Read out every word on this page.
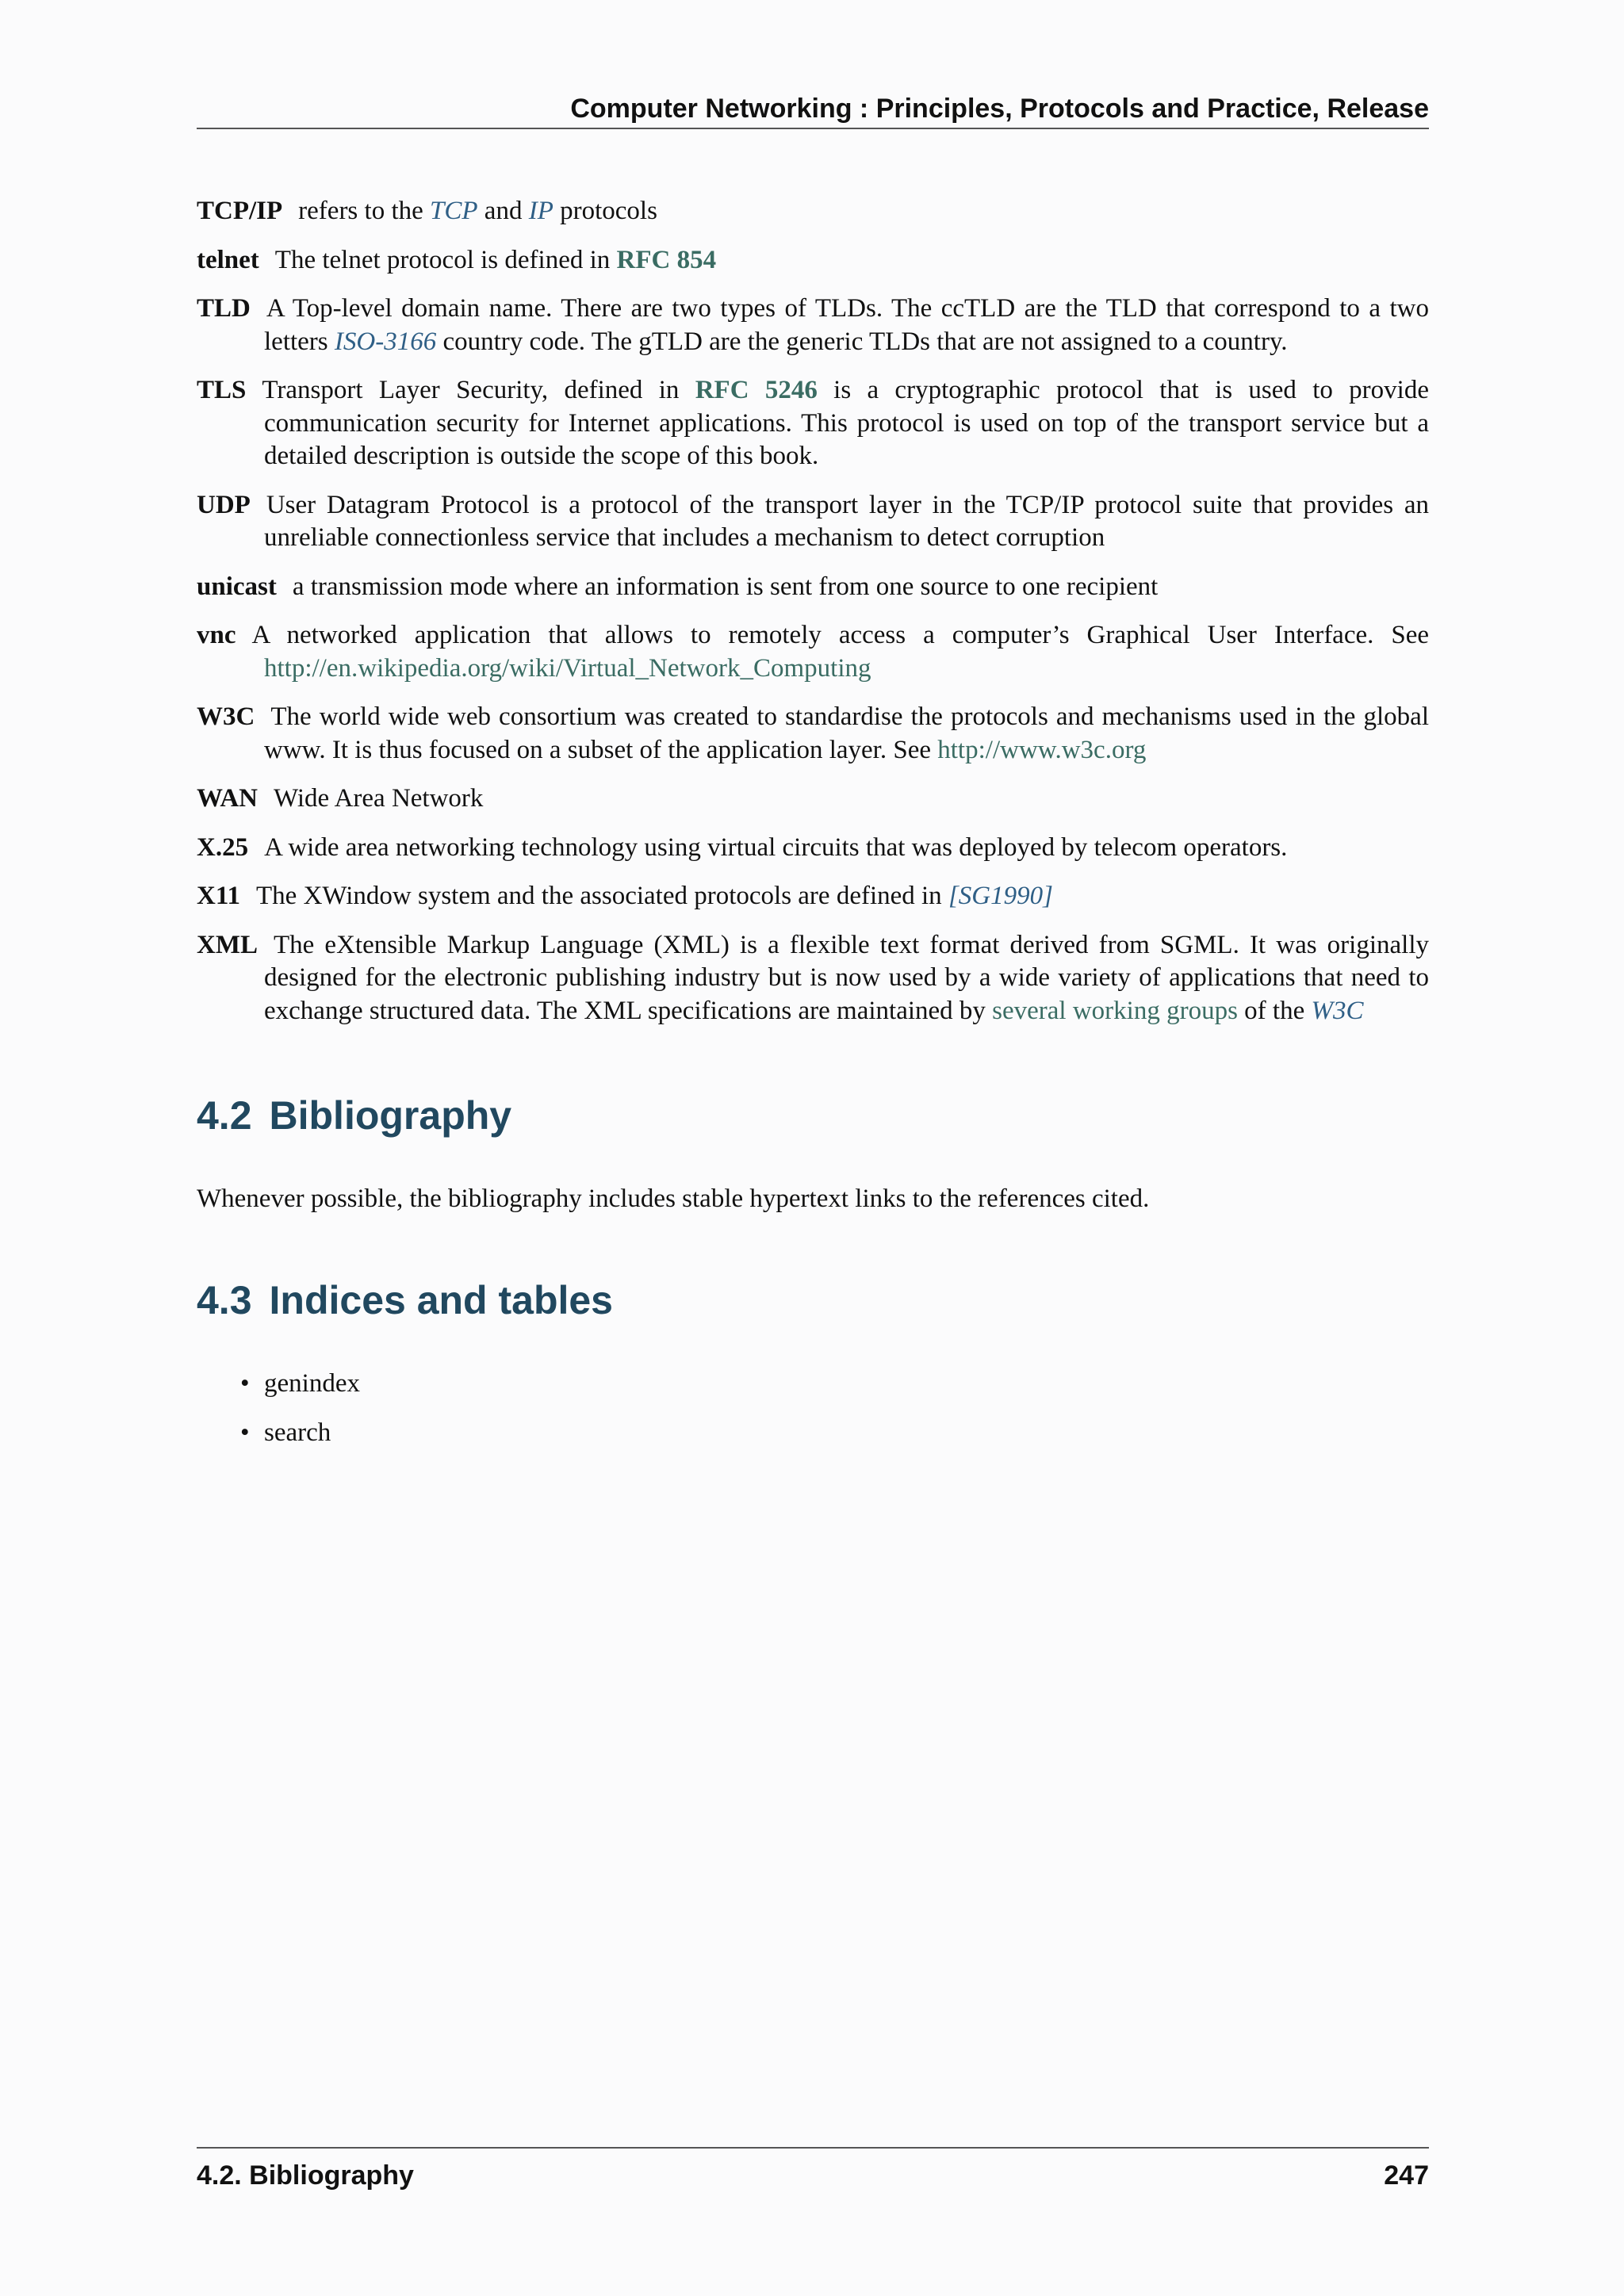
Computer Networking : Principles, Protocols and Practice, Release
TCP/IP refers to the TCP and IP protocols
telnet The telnet protocol is defined in RFC 854
TLD A Top-level domain name. There are two types of TLDs. The ccTLD are the TLD that correspond to a two letters ISO-3166 country code. The gTLD are the generic TLDs that are not assigned to a country.
TLS Transport Layer Security, defined in RFC 5246 is a cryptographic protocol that is used to provide communication security for Internet applications. This protocol is used on top of the transport service but a detailed description is outside the scope of this book.
UDP User Datagram Protocol is a protocol of the transport layer in the TCP/IP protocol suite that provides an unreliable connectionless service that includes a mechanism to detect corruption
unicast a transmission mode where an information is sent from one source to one recipient
vnc A networked application that allows to remotely access a computer’s Graphical User Interface. See http://en.wikipedia.org/wiki/Virtual_Network_Computing
W3C The world wide web consortium was created to standardise the protocols and mechanisms used in the global www. It is thus focused on a subset of the application layer. See http://www.w3c.org
WAN Wide Area Network
X.25 A wide area networking technology using virtual circuits that was deployed by telecom operators.
X11 The XWindow system and the associated protocols are defined in [SG1990]
XML The eXtensible Markup Language (XML) is a flexible text format derived from SGML. It was originally designed for the electronic publishing industry but is now used by a wide variety of applications that need to exchange structured data. The XML specifications are maintained by several working groups of the W3C
4.2 Bibliography
Whenever possible, the bibliography includes stable hypertext links to the references cited.
4.3 Indices and tables
• genindex
• search
4.2. Bibliography	247
